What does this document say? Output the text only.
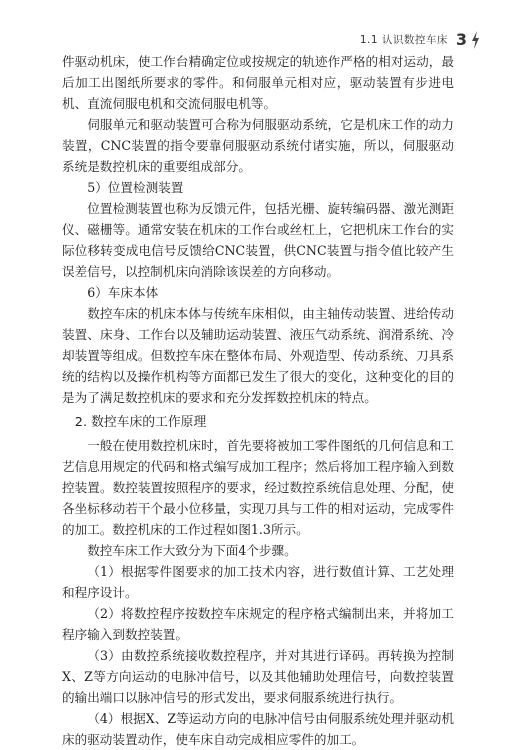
1.1 认识数控车床 3

件驱动机床，使工作台精确定位或按规定的轨迹作严格的相对运动，最后加工出图纸所要求的零件。和伺服单元相对应，驱动装置有步进电机、直流伺服电机和交流伺服电机等。

伺服单元和驱动装置可合称为伺服驱动系统，它是机床工作的动力装置，CNC装置的指令要靠伺服驱动系统付诸实施，所以，伺服驱动系统是数控机床的重要组成部分。

5）位置检测装置

位置检测装置也称为反馈元件，包括光栅、旋转编码器、激光测距仪、磁栅等。通常安装在机床的工作台或丝杠上，它把机床工作台的实际位移转变成电信号反馈给CNC装置，供CNC装置与指令值比较产生误差信号，以控制机床向消除该误差的方向移动。

6）车床本体

数控车床的机床本体与传统车床相似，由主轴传动装置、进给传动装置、床身、工作台以及辅助运动装置、液压气动系统、润滑系统、冷却装置等组成。但数控车床在整体布局、外观造型、传动系统、刀具系统的结构以及操作机构等方面都已发生了很大的变化，这种变化的目的是为了满足数控机床的要求和充分发挥数控机床的特点。

2. 数控车床的工作原理

一般在使用数控机床时，首先要将被加工零件图纸的几何信息和工艺信息用规定的代码和格式编写成加工程序；然后将加工程序输入到数控装置。数控装置按照程序的要求，经过数控系统信息处理、分配，使各坐标移动若干个最小位移量，实现刀具与工件的相对运动，完成零件的加工。数控机床的工作过程如图1.3所示。

数控车床工作大致分为下面4个步骤。

（1）根据零件图要求的加工技术内容，进行数值计算、工艺处理和程序设计。

（2）将数控程序按数控车床规定的程序格式编制出来，并将加工程序输入到数控装置。

（3）由数控系统接收数控程序，并对其进行译码。再转换为控制X、Z等方向运动的电脉冲信号，以及其他辅助处理信号，向数控装置的输出端口以脉冲信号的形式发出，要求伺服系统进行执行。

（4）根据X、Z等运动方向的电脉冲信号由伺服系统处理并驱动机床的驱动装置动作，使车床自动完成相应零件的加工。
